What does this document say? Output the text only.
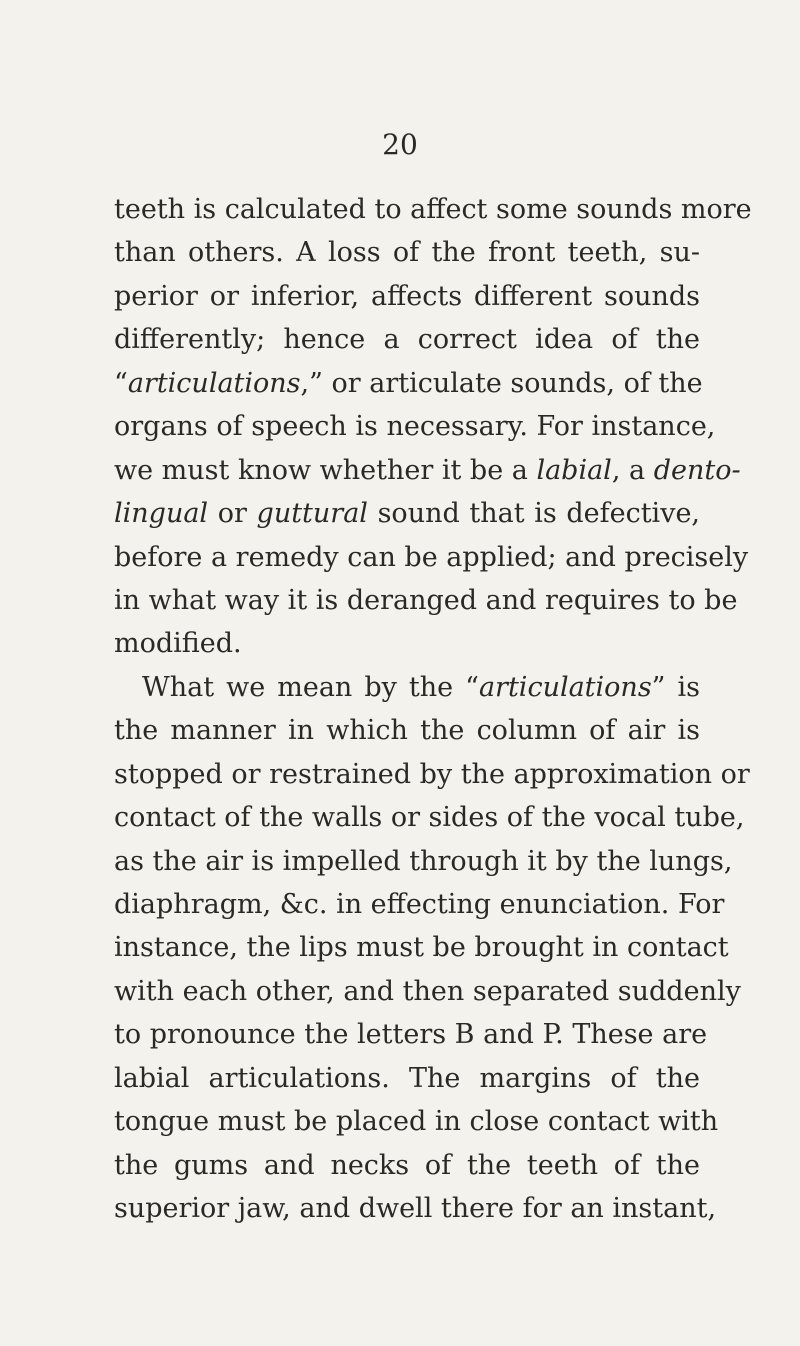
20
teeth is calculated to affect some sounds more
than others. A loss of the front teeth, su-
perior or inferior, affects different sounds
differently; hence a correct idea of the
“articulations,” or articulate sounds, of the
organs of speech is necessary. For instance,
we must know whether it be a labial, a dento-
lingual or guttural sound that is defective,
before a remedy can be applied; and precisely
in what way it is deranged and requires to be
modified.
What we mean by the “articulations” is
the manner in which the column of air is
stopped or restrained by the approximation or
contact of the walls or sides of the vocal tube,
as the air is impelled through it by the lungs,
diaphragm, &c. in effecting enunciation. For
instance, the lips must be brought in contact
with each other, and then separated suddenly
to pronounce the letters B and P. These are
labial articulations. The margins of the
tongue must be placed in close contact with
the gums and necks of the teeth of the
superior jaw, and dwell there for an instant,
